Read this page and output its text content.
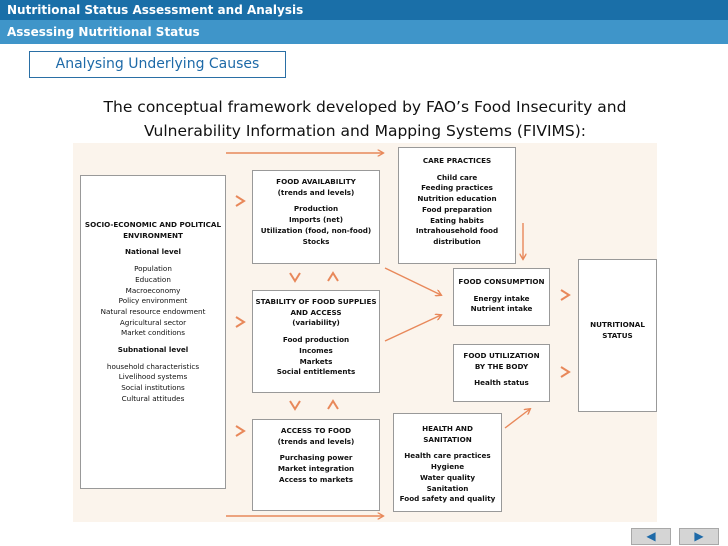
Nutritional Status Assessment and Analysis
Assessing Nutritional Status
Analysing Underlying Causes
The conceptual framework developed by FAO’s Food Insecurity and
Vulnerability Information and Mapping Systems (FIVIMS):
SOCIO-ECONOMIC AND POLITICAL
ENVIRONMENT
National level
Population
Education
Macroeconomy
Policy environment
Natural resource endowment
Agricultural sector
Market conditions
Subnational level
household characteristics
Livelihood systems
Social institutions
Cultural attitudes
CARE PRACTICES
Child care
Feeding practices
Nutrition education
Food preparation
Eating habits
Intrahousehold food
distribution
FOOD AVAILABILITY
(trends and levels)
Production
Imports (net)
Utilization (food, non-food)
Stocks
STABILITY OF FOOD SUPPLIES
AND ACCESS
(variability)
Food production
Incomes
Markets
Social entitlements
ACCESS TO FOOD
(trends and levels)
Purchasing power
Market integration
Access to markets
FOOD CONSUMPTION
Energy intake
Nutrient intake
FOOD UTILIZATION
BY THE BODY
Health status
HEALTH AND
SANITATION
Health care practices
Hygiene
Water quality
Sanitation
Food safety and quality
NUTRITIONAL
STATUS
◀	▶
